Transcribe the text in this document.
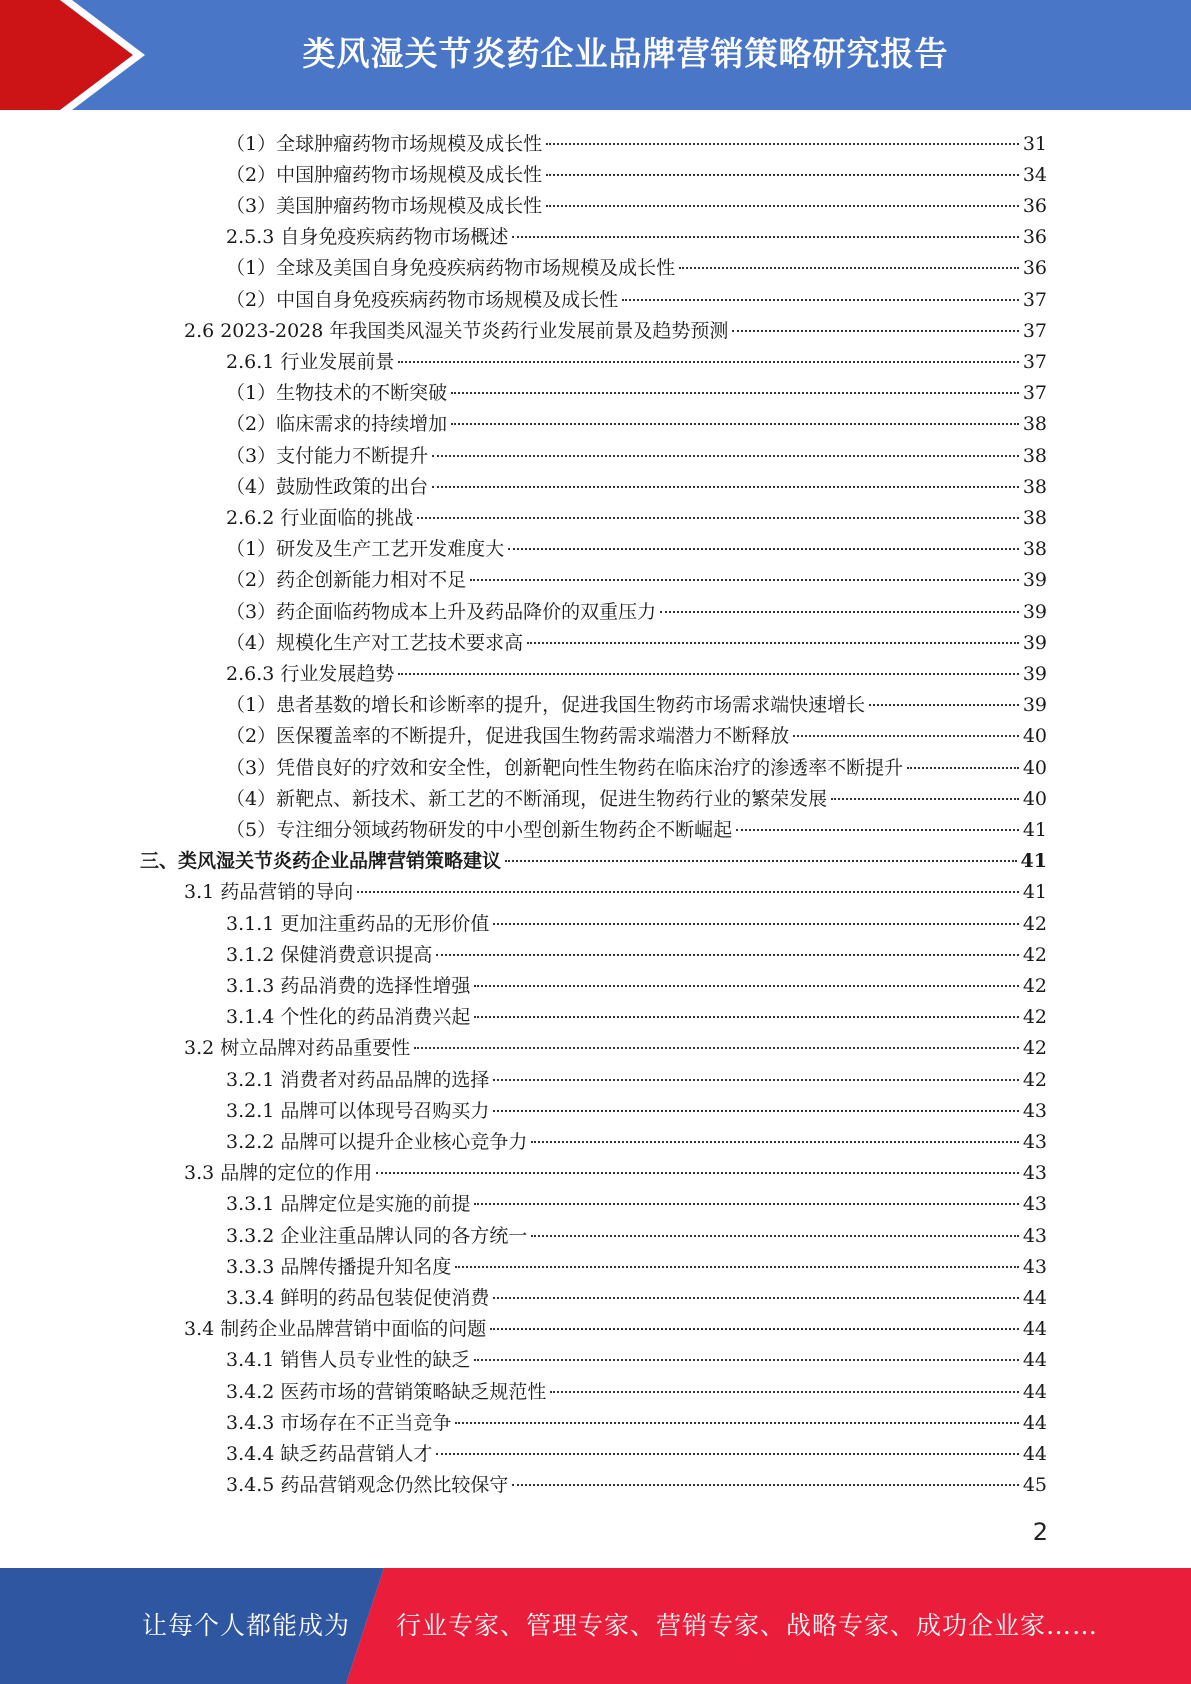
类风湿关节炎药企业品牌营销策略研究报告
（1） 全球肿瘤药物市场规模及成长性	31
（2） 中国肿瘤药物市场规模及成长性	34
（3） 美国肿瘤药物市场规模及成长性	36
2.5.3 自身免疫疾病药物市场概述	36
（1） 全球及美国自身免疫疾病药物市场规模及成长性	36
（2） 中国自身免疫疾病药物市场规模及成长性	37
2.6 2023-2028 年我国类风湿关节炎药行业发展前景及趋势预测	37
2.6.1 行业发展前景	37
（1） 生物技术的不断突破	37
（2） 临床需求的持续增加	38
（3） 支付能力不断提升	38
（4） 鼓励性政策的出台	38
2.6.2 行业面临的挑战	38
（1） 研发及生产工艺开发难度大	38
（2） 药企创新能力相对不足	39
（3） 药企面临药物成本上升及药品降价的双重压力	39
（4） 规模化生产对工艺技术要求高	39
2.6.3 行业发展趋势	39
（1） 患者基数的增长和诊断率的提升，促进我国生物药市场需求端快速增长	39
（2） 医保覆盖率的不断提升，促进我国生物药需求端潜力不断释放	40
（3） 凭借良好的疗效和安全性，创新靶向性生物药在临床治疗的渗透率不断提升	40
（4） 新靶点、新技术、新工艺的不断涌现，促进生物药行业的繁荣发展	40
（5） 专注细分领域药物研发的中小型创新生物药企不断崛起	41
三、 类风湿关节炎药企业品牌营销策略建议	41
3.1 药品营销的导向	41
3.1.1 更加注重药品的无形价值	42
3.1.2 保健消费意识提高	42
3.1.3 药品消费的选择性增强	42
3.1.4 个性化的药品消费兴起	42
3.2 树立品牌对药品重要性	42
3.2.1 消费者对药品品牌的选择	42
3.2.1 品牌可以体现号召购买力	43
3.2.2 品牌可以提升企业核心竞争力	43
3.3 品牌的定位的作用	43
3.3.1 品牌定位是实施的前提	43
3.3.2 企业注重品牌认同的各方统一	43
3.3.3 品牌传播提升知名度	43
3.3.4 鲜明的药品包装促使消费	44
3.4 制药企业品牌营销中面临的问题	44
3.4.1 销售人员专业性的缺乏	44
3.4.2 医药市场的营销策略缺乏规范性	44
3.4.3 市场存在不正当竞争	44
3.4.4 缺乏药品营销人才	44
3.4.5 药品营销观念仍然比较保守	45
2
让每个人都能成为 行业专家、管理专家、营销专家、战略专家、成功企业家……
